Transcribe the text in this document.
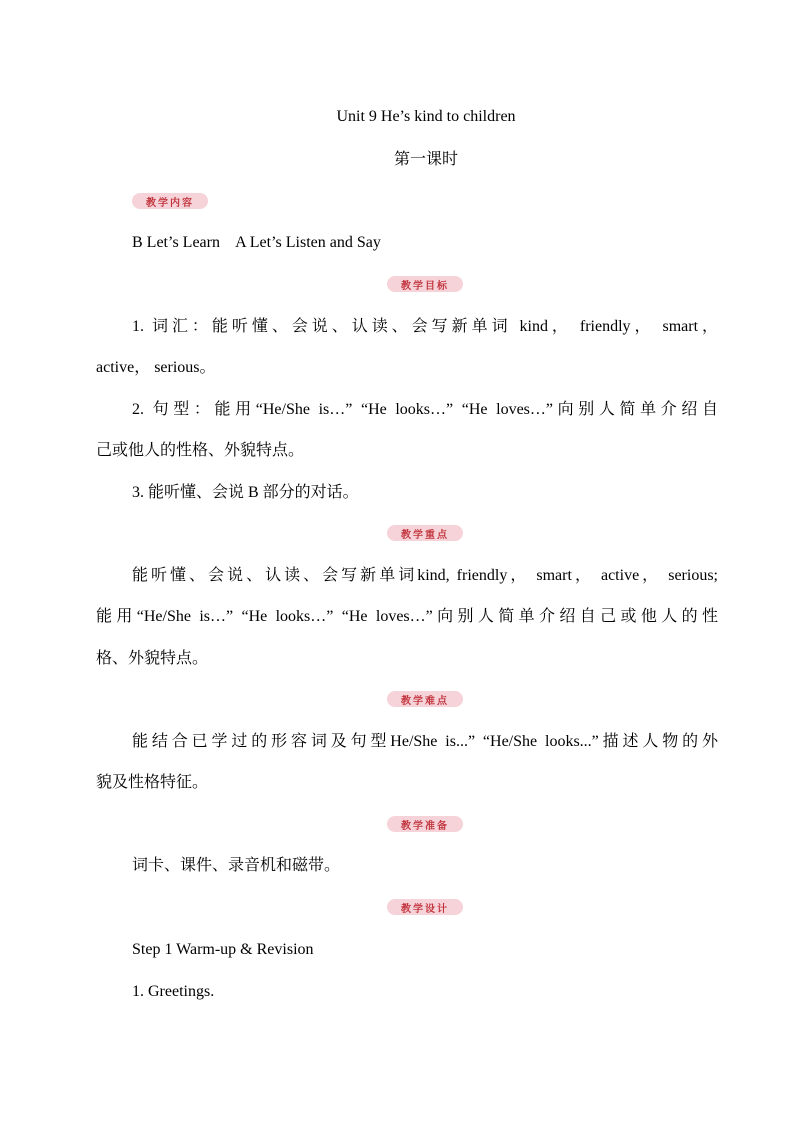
Unit 9 He’s kind to children
第一课时
教学内容
B Let’s Learn    A Let’s Listen and Say
教学目标
1. 词汇：能听懂、会说、认读、会写新单词 kind， friendly， smart，
active， serious。
2. 句型：能用“He/She is…” “He looks…” “He loves…”向别人简单介绍自
己或他人的性格、外貌特点。
3. 能听懂、会说 B 部分的对话。
教学重点
能听懂、会说、认读、会写新单词kind, friendly， smart， active， serious;
能用“He/She is…” “He looks…” “He loves…”向别人简单介绍自己或他人的性
格、外貌特点。
教学难点
能结合已学过的形容词及句型He/She is...” “He/She looks...”描述人物的外
貌及性格特征。
教学准备
词卡、课件、录音机和磁带。
教学设计
Step 1 Warm-up & Revision
1. Greetings.
